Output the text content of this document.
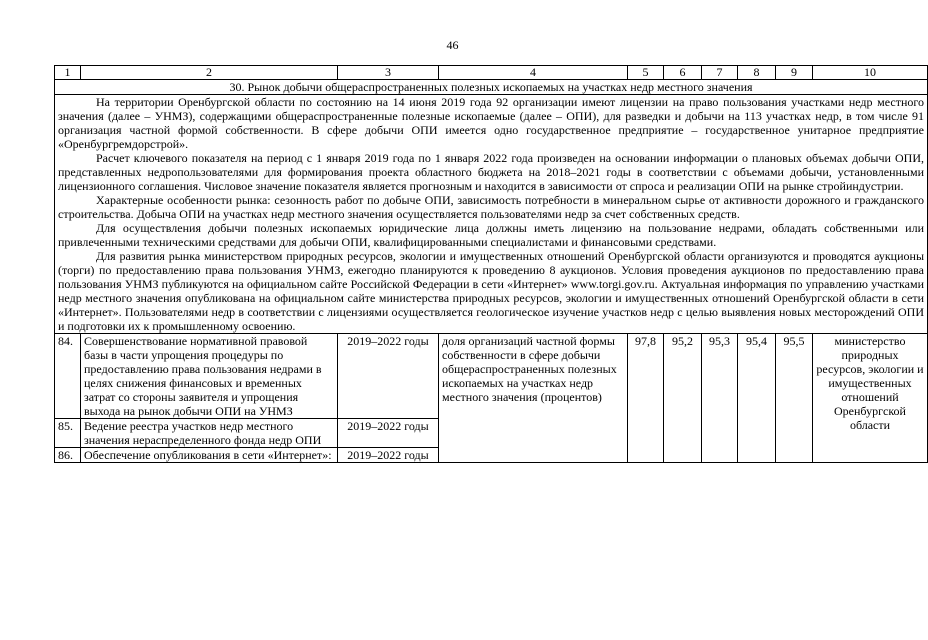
46
1	2	3	4	5	6	7	8	9	10
30. Рынок добычи общераспространенных полезных ископаемых на участках недр местного значения									

На территории Оренбургской области по состоянию на 14 июня 2019 года 92 организации имеют лицензии на право пользования участками недр местного значения (далее – УНМЗ), содержащими общераспространенные полезные ископаемые (далее – ОПИ), для разведки и добычи на 113 участках недр, в том числе 91 организация частной формой собственности. В сфере добычи ОПИ имеется одно государственное предприятие – государственное унитарное предприятие «Оренбургремдорстрой».

Расчет ключевого показателя на период с 1 января 2019 года по 1 января 2022 года произведен на основании информации о плановых объемах добычи ОПИ, представленных недропользователями для формирования проекта областного бюджета на 2018–2021 годы в соответствии с объемами добычи, установленными лицензионного соглашения. Числовое значение показателя является прогнозным и находится в зависимости от спроса и реализации ОПИ на рынке стройиндустрии.

Характерные особенности рынка: сезонность работ по добыче ОПИ, зависимость потребности в минеральном сырье от активности дорожного и гражданского строительства. Добыча ОПИ на участках недр местного значения осуществляется пользователями недр за счет собственных средств.

Для осуществления добычи полезных ископаемых юридические лица должны иметь лицензию на пользование недрами, обладать собственными или привлеченными техническими средствами для добычи ОПИ, квалифицированными специалистами и финансовыми средствами.

Для развития рынка министерством природных ресурсов, экологии и имущественных отношений Оренбургской области организуются и проводятся аукционы (торги) по предоставлению права пользования УНМЗ, ежегодно планируются к проведению 8 аукционов. Условия проведения аукционов по предоставлению права пользования УНМЗ публикуются на официальном сайте Российской Федерации в сети «Интернет» www.torgi.gov.ru. Актуальная информация по управлению участками недр местного значения опубликована на официальном сайте министерства природных ресурсов, экологии и имущественных отношений Оренбургской области в сети «Интернет». Пользователями недр в соответствии с лицензиями осуществляется геологическое изучение участков недр с целью выявления новых месторождений ОПИ и подготовки их к промышленному освоению.									

84.	Совершенствование нормативной правовой базы в части упрощения процедуры по предоставлению права пользования недрами в целях снижения финансовых и временных затрат со стороны заявителя и упрощения выхода на рынок добычи ОПИ на УНМЗ	2019–2022 годы	доля организаций частной формы собственности в сфере добычи общераспространенных полезных ископаемых на участках недр местного значения (процентов)	97,8	95,2	95,3	95,4	95,5	министерство природных ресурсов, экологии и имущественных отношений Оренбургской области
85.	Ведение реестра участков недр местного значения нераспределенного фонда недр ОПИ	2019–2022 годы							
86.	Обеспечение опубликования в сети «Интернет»:	2019–2022 годы							
